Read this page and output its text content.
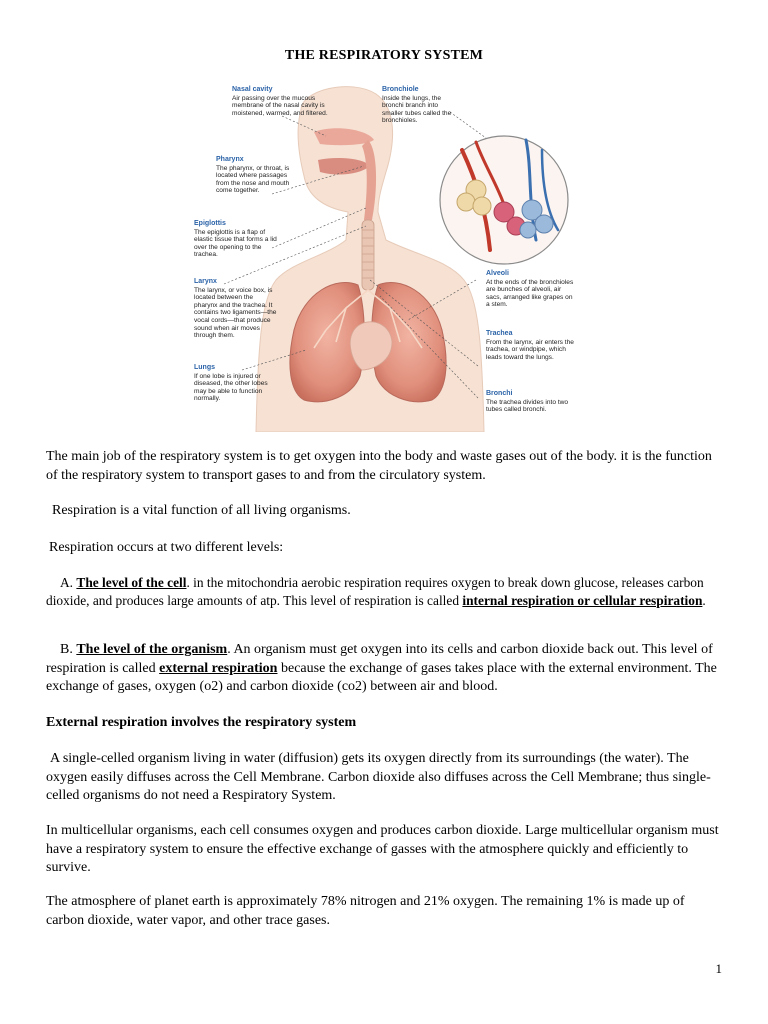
THE RESPIRATORY SYSTEM
Nasal cavity
Air passing over the mucous membrane of the nasal cavity is moistened, warmed, and filtered.
Pharynx
The pharynx, or throat, is located where passages from the nose and mouth come together.
Epiglottis
The epiglottis is a flap of elastic tissue that forms a lid over the opening to the trachea.
Larynx
The larynx, or voice box, is located between the pharynx and the trachea. It contains two ligaments—the vocal cords—that produce sound when air moves through them.
Lungs
If one lobe is injured or diseased, the other lobes may be able to function normally.
Bronchiole
Inside the lungs, the bronchi branch into smaller tubes called the bronchioles.
Alveoli
At the ends of the bronchioles are bunches of alveoli, air sacs, arranged like grapes on a stem.
Trachea
From the larynx, air enters the trachea, or windpipe, which leads toward the lungs.
Bronchi
The trachea divides into two tubes called bronchi.
The main job of the respiratory system is to get oxygen into the body and waste gases out of the body. it is the function of the respiratory system to transport gases to and from the circulatory system.
Respiration is a vital function of all living organisms.
Respiration occurs at two different levels:
A. The level of the cell. in the mitochondria aerobic respiration requires oxygen to break down glucose, releases carbon dioxide, and produces large amounts of atp. This level of respiration is called internal respiration or cellular respiration.
B. The level of the organism. An organism must get oxygen into its cells and carbon dioxide back out. This level of respiration is called external respiration because the exchange of gases takes place with the external environment. The exchange of gases, oxygen (o2) and carbon dioxide (co2) between air and blood.
External respiration involves the respiratory system
A single-celled organism living in water (diffusion) gets its oxygen directly from its surroundings (the water). The oxygen easily diffuses across the Cell Membrane. Carbon dioxide also diffuses across the Cell Membrane; thus single-celled organisms do not need a Respiratory System.
In multicellular organisms, each cell consumes oxygen and produces carbon dioxide. Large multicellular organism must have a respiratory system to ensure the effective exchange of gasses with the atmosphere quickly and efficiently to survive.
The atmosphere of planet earth is approximately 78% nitrogen and 21% oxygen. The remaining 1% is made up of carbon dioxide, water vapor, and other trace gases.
1
